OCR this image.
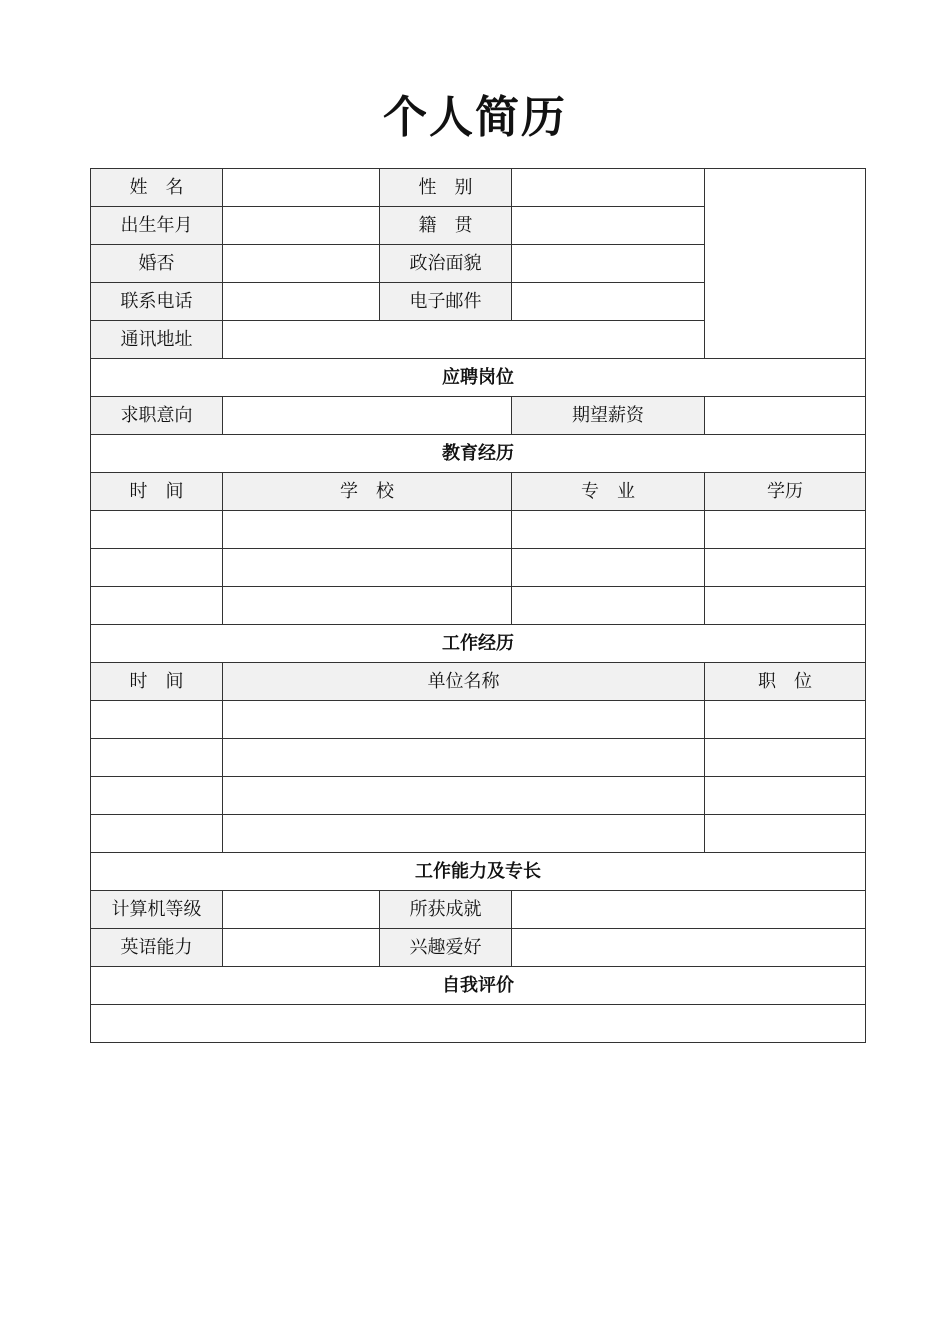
个人简历
姓　名		性　别		
出生年月		籍　贯		
婚否		政治面貌		
联系电话		电子邮件		
通讯地址				
应聘岗位				
求职意向			期望薪资	
教育经历				
时　间	学　校		专　业	学历

工作经历				
时　间	单位名称			职　位

工作能力及专长				
计算机等级		所获成就		
英语能力		兴趣爱好		
自我评价				
